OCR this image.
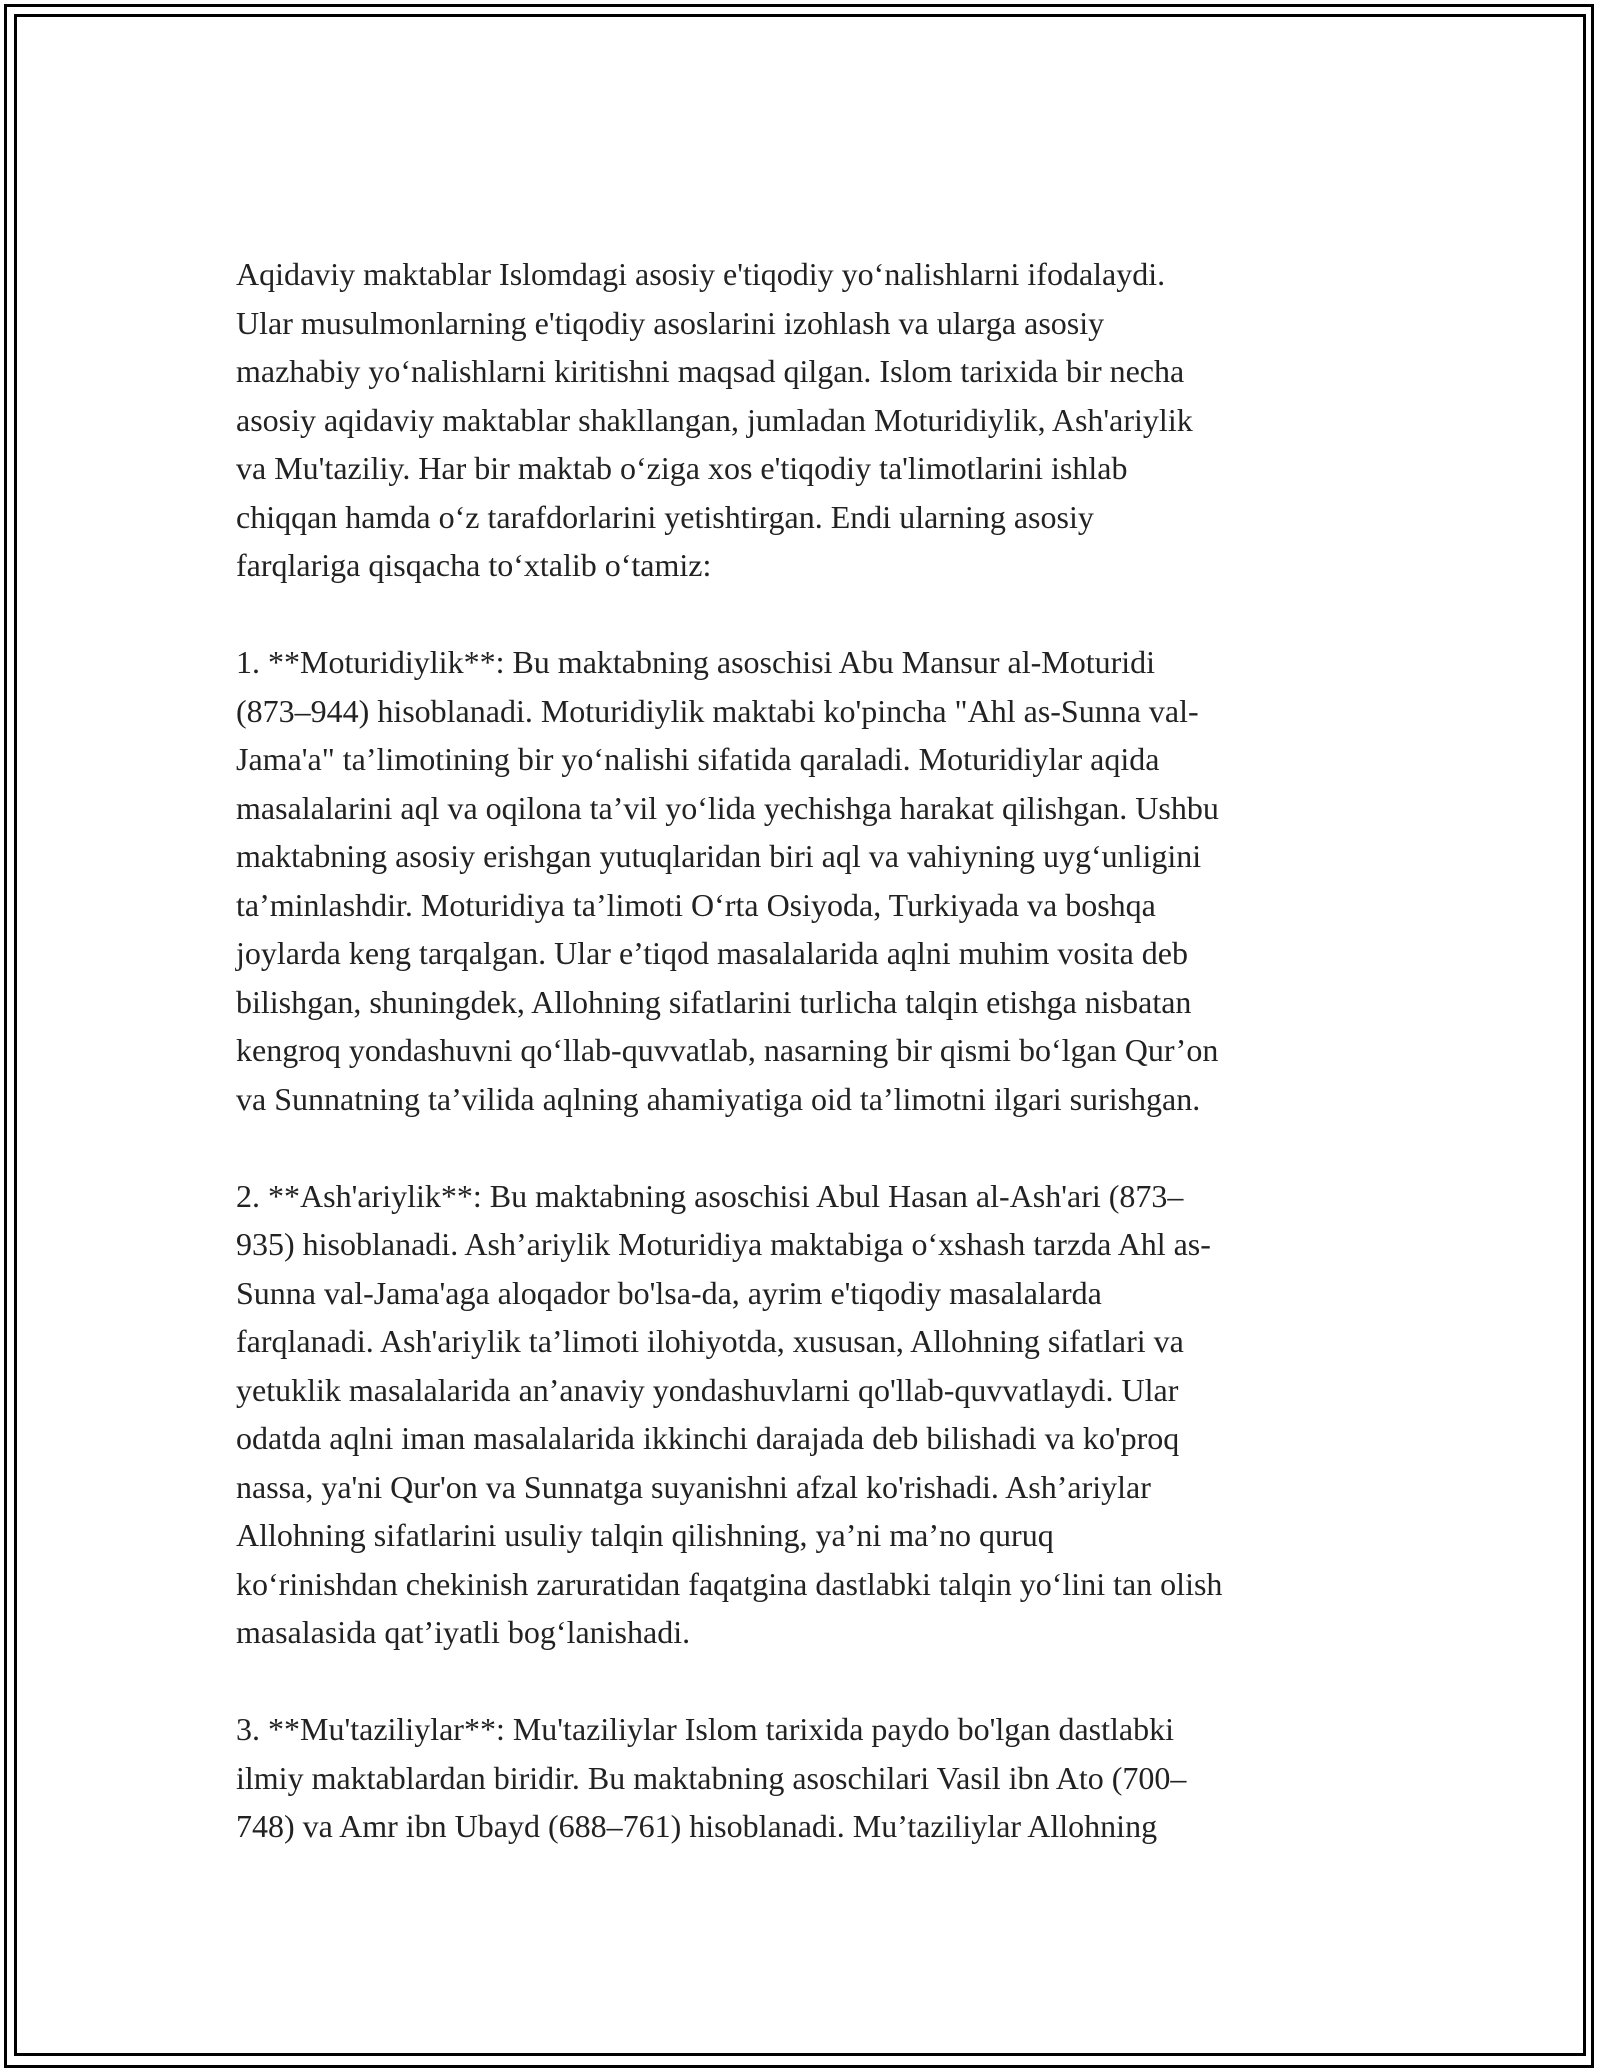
Aqidaviy maktablar Islomdagi asosiy e'tiqodiy yo‘nalishlarni ifodalaydi.
Ular musulmonlarning e'tiqodiy asoslarini izohlash va ularga asosiy
mazhabiy yo‘nalishlarni kiritishni maqsad qilgan. Islom tarixida bir necha
asosiy aqidaviy maktablar shakllangan, jumladan Moturidiylik, Ash'ariylik
va Mu'taziliy. Har bir maktab o‘ziga xos e'tiqodiy ta'limotlarini ishlab
chiqqan hamda o‘z tarafdorlarini yetishtirgan. Endi ularning asosiy
farqlariga qisqacha to‘xtalib o‘tamiz:

1. **Moturidiylik**: Bu maktabning asoschisi Abu Mansur al-Moturidi
(873–944) hisoblanadi. Moturidiylik maktabi ko'pincha "Ahl as-Sunna val-
Jama'a" ta’limotining bir yo‘nalishi sifatida qaraladi. Moturidiylar aqida
masalalarini aql va oqilona ta’vil yo‘lida yechishga harakat qilishgan. Ushbu
maktabning asosiy erishgan yutuqlaridan biri aql va vahiyning uyg‘unligini
ta’minlashdir. Moturidiya ta’limoti O‘rta Osiyoda, Turkiyada va boshqa
joylarda keng tarqalgan. Ular e’tiqod masalalarida aqlni muhim vosita deb
bilishgan, shuningdek, Allohning sifatlarini turlicha talqin etishga nisbatan
kengroq yondashuvni qo‘llab-quvvatlab, nasarning bir qismi bo‘lgan Qur’on
va Sunnatning ta’vilida aqlning ahamiyatiga oid ta’limotni ilgari surishgan.

2. **Ash'ariylik**: Bu maktabning asoschisi Abul Hasan al-Ash'ari (873–
935) hisoblanadi. Ash’ariylik Moturidiya maktabiga o‘xshash tarzda Ahl as-
Sunna val-Jama'aga aloqador bo'lsa-da, ayrim e'tiqodiy masalalarda
farqlanadi. Ash'ariylik ta’limoti ilohiyotda, xususan, Allohning sifatlari va
yetuklik masalalarida an’anaviy yondashuvlarni qo'llab-quvvatlaydi. Ular
odatda aqlni iman masalalarida ikkinchi darajada deb bilishadi va ko'proq
nassa, ya'ni Qur'on va Sunnatga suyanishni afzal ko'rishadi. Ash’ariylar
Allohning sifatlarini usuliy talqin qilishning, ya’ni ma’no quruq
ko‘rinishdan chekinish zaruratidan faqatgina dastlabki talqin yo‘lini tan olish
masalasida qat’iyatli bog‘lanishadi.

3. **Mu'taziliylar**: Mu'taziliylar Islom tarixida paydo bo'lgan dastlabki
ilmiy maktablardan biridir. Bu maktabning asoschilari Vasil ibn Ato (700–
748) va Amr ibn Ubayd (688–761) hisoblanadi. Mu’taziliylar Allohning
